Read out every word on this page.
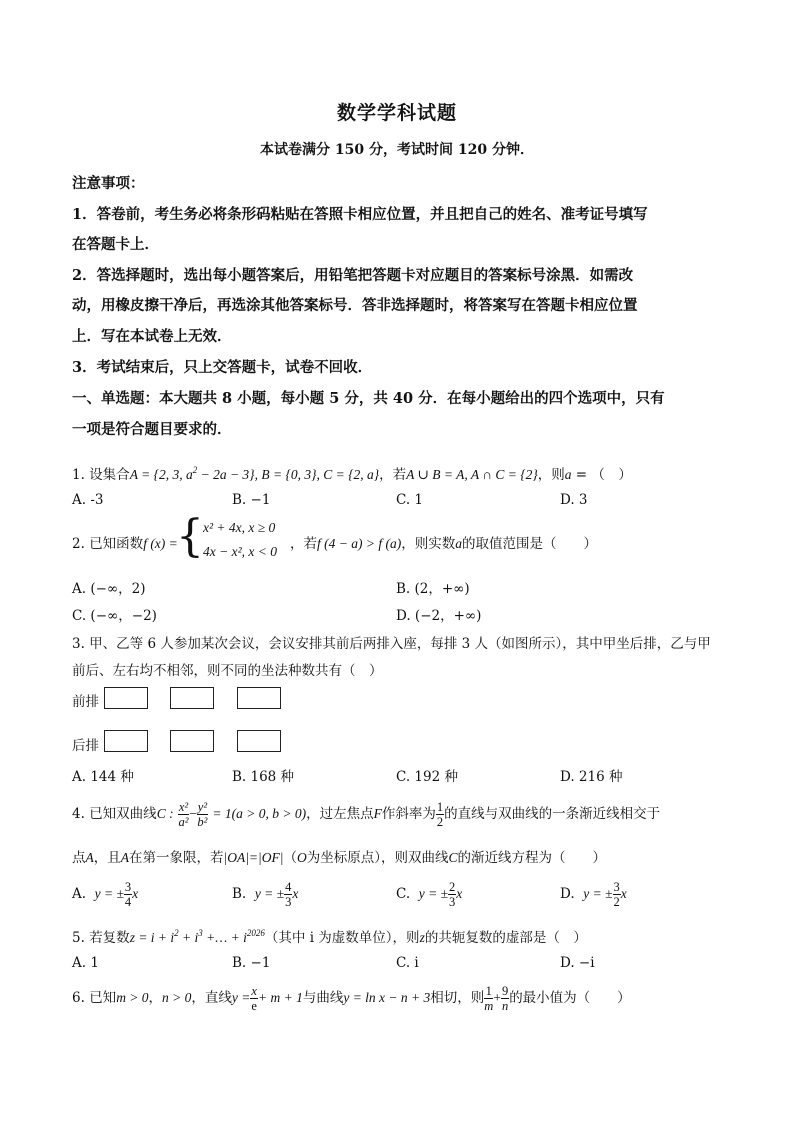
数学学科试题
本试卷满分 150 分，考试时间 120 分钟．
注意事项：
1．答卷前，考生务必将条形码粘贴在答照卡相应位置，并且把自己的姓名、准考证号填写
在答题卡上．
2．答选择题时，选出每小题答案后，用铅笔把答题卡对应题目的答案标号涂黑．如需改
动，用橡皮擦干净后，再选涂其他答案标号．答非选择题时，将答案写在答题卡相应位置
上．写在本试卷上无效．
3．考试结束后，只上交答题卡，试卷不回收．
一、单选题：本大题共 8 小题，每小题 5 分，共 40 分．在每小题给出的四个选项中，只有
一项是符合题目要求的．
1. 设集合A = {2, 3, $a^2 - 2a - 3$}, B = {0, 3}, C = {2, a}，若A ∪ B = A, A ∩ C = {2}，则a = （　）
A. -3	B. −1	C. 1	D. 3
2. 已知函数f (x) =
{ x² + 4x, x ≥ 0
4x − x², x < 0 ，若f (4 − a) > f (a)，则实数a的取值范围是（　　）
A. (−∞，2)	B. (2，+∞)
C. (−∞，−2)	D. (−2，+∞)
3. 甲、乙等 6 人参加某次会议，会议安排其前后两排入座，每排 3 人（如图所示），其中甲坐后排，乙与甲
前后、左右均不相邻，则不同的坐法种数共有（　）
前排
后排
A. 144 种	B. 168 种	C. 192 种	D. 216 种
4. 已知双曲线C : $\frac{\text{x²}}{\text{a²}} - \frac{\text{y²}}{\text{b²}} = 1(a > 0$, b > 0)，过左焦点F作斜率为 $\frac{1}{2}$ 的直线与双曲线的一条渐近线相交于
点A，且A在第一象限，若|OA|=|OF|（O为坐标原点），则双曲线C的渐近线方程为（　　）
A. y = ± $\frac{3}{4}$ x	B. y = ± $\frac{4}{3}$ x	C. y = ± $\frac{2}{3}$ x	D. y = ± $\frac{3}{2}$ x
5. 若复数$z = i + i^2 + i^3$ +… + $i^{2026}$（其中 i 为虚数单位），则z的共轭复数的虚部是（　）
A. 1	B. −1	C. i	D. −i
6. 已知m > 0，n > 0，直线$y = \frac{x}{e} + m + 1$与曲线y = ln x − n + 3相切，则 $\frac{1}{m} + \frac{9}{n}$ 的最小值为（　　）
